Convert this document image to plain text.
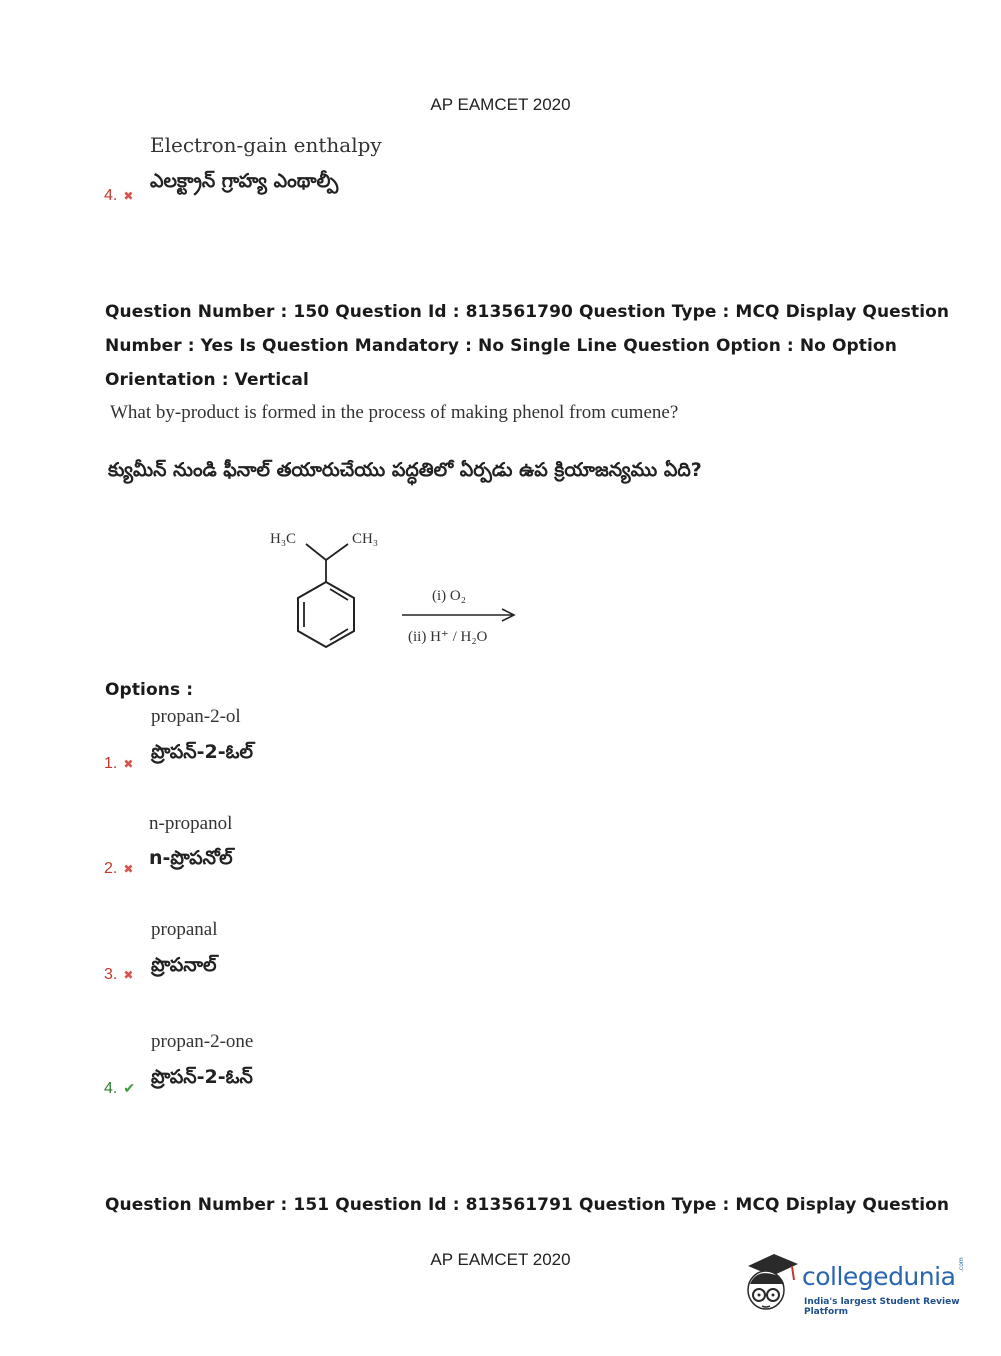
AP EAMCET 2020
Electron-gain enthalpy
ఎలక్ట్రాన్ గ్రాహ్య ఎంథాల్పీ
4. ✖
Question Number : 150 Question Id : 813561790 Question Type : MCQ Display Question
Number : Yes Is Question Mandatory : No Single Line Question Option : No Option
Orientation : Vertical
What by-product is formed in the process of making phenol from cumene?
క్యుమీన్ నుండి ఫీనాల్ తయారుచేయు పద్ధతిలో ఏర్పడు ఉప క్రియాజన్యము ఏది?
H₃C	CH₃
(i) O₂
(ii) H⁺ / H₂O
Options :
propan-2-ol
ప్రొపన్-2-ఓల్
1. ✖
n-propanol
n-ప్రొపనోల్
2. ✖
propanal
ప్రొపనాల్
3. ✖
propan-2-one
ప్రొపన్-2-ఓన్
4. ✔
Question Number : 151 Question Id : 813561791 Question Type : MCQ Display Question
AP EAMCET 2020
collegedunia .com
India's largest Student Review Platform
